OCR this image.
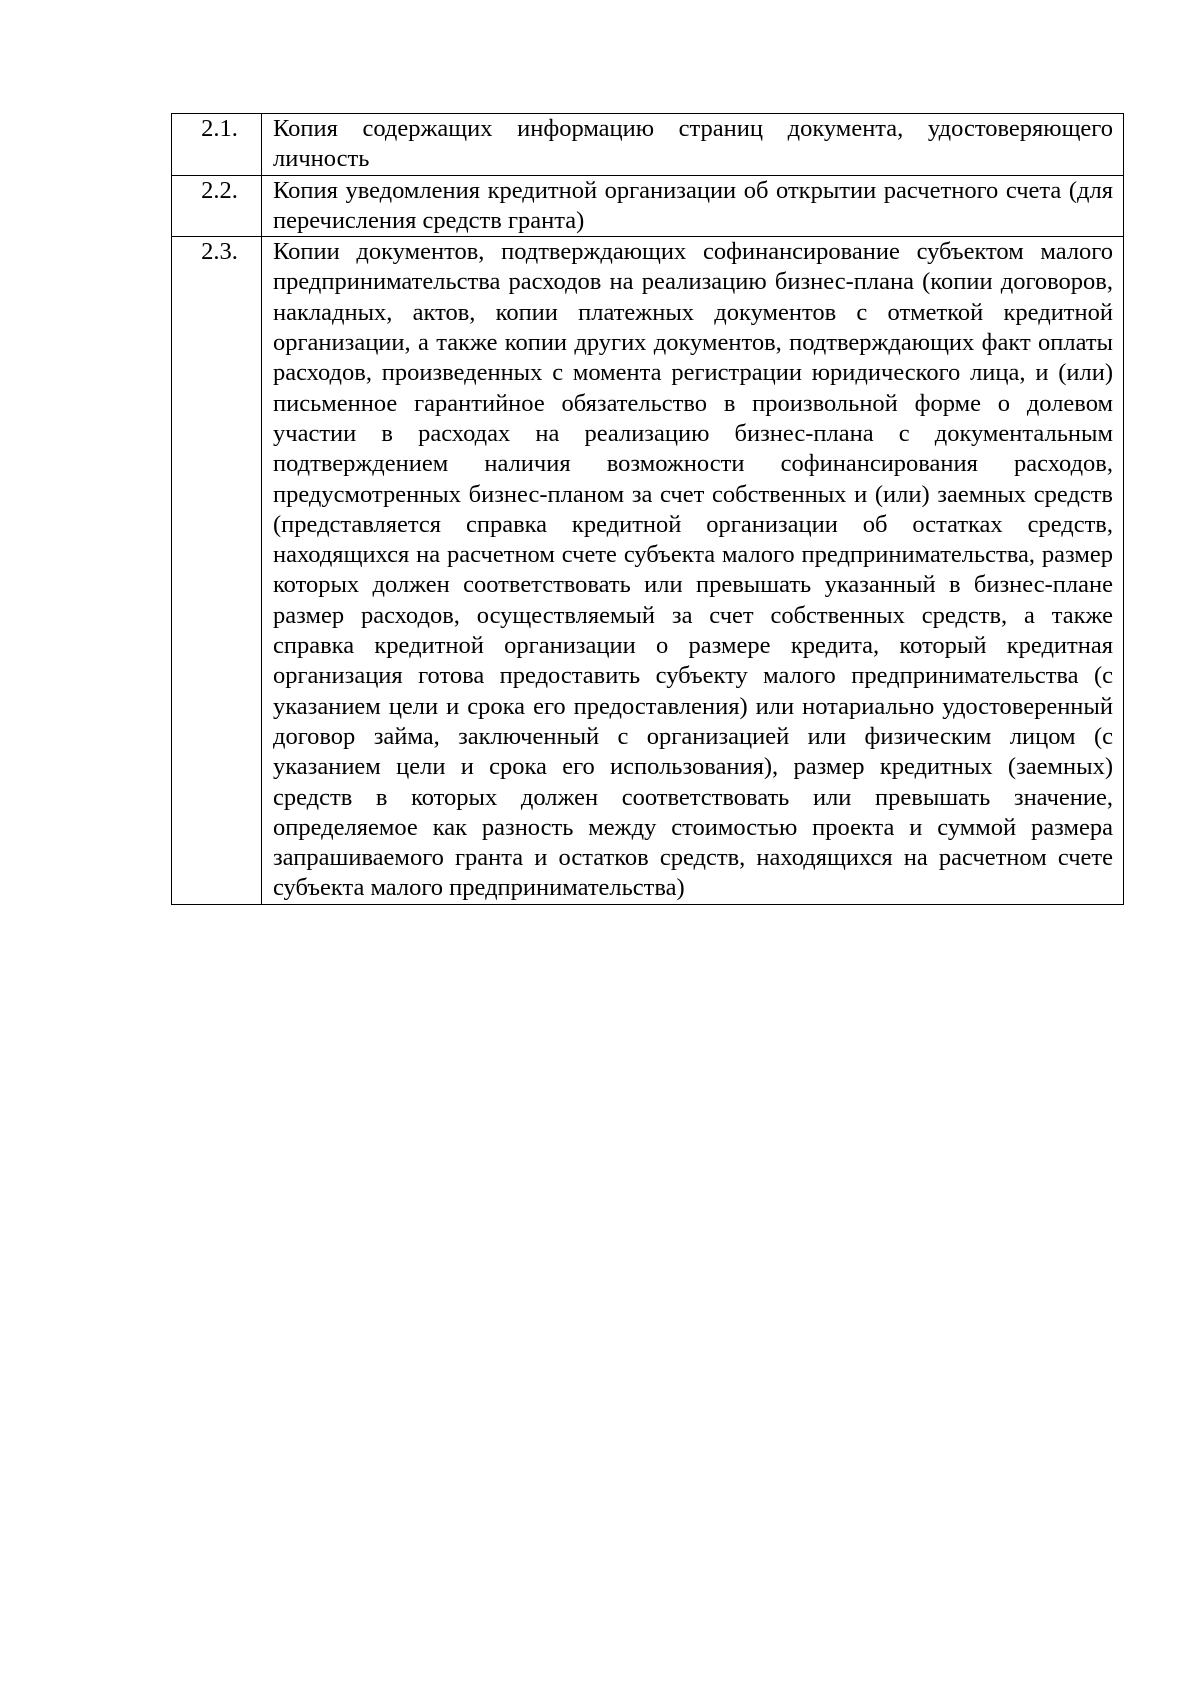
2.1.	Копия содержащих информацию страниц документа, удостоверяющего личность

2.2.	Копия уведомления кредитной организации об открытии расчетного счета (для перечисления средств гранта)

2.3.	Копии документов, подтверждающих софинансирование субъектом малого предпринимательства расходов на реализацию бизнес-плана (копии договоров, накладных, актов, копии платежных документов с отметкой кредитной организации, а также копии других документов, подтверждающих факт оплаты расходов, произведенных с момента регистрации юридического лица, и (или) письменное гарантийное обязательство в произвольной форме о долевом участии в расходах на реализацию бизнес-плана с документальным подтверждением наличия возможности софинансирования расходов, предусмотренных бизнес-планом за счет собственных и (или) заемных средств (представляется справка кредитной организации об остатках средств, находящихся на расчетном счете субъекта малого предпринимательства, размер которых должен соответствовать или превышать указанный в бизнес-плане размер расходов, осуществляемый за счет собственных средств, а также справка кредитной организации о размере кредита, который кредитная организация готова предоставить субъекту малого предпринимательства (с указанием цели и срока его предоставления) или нотариально удостоверенный договор займа, заключенный с организацией или физическим лицом (с указанием цели и срока его использования), размер кредитных (заемных) средств в которых должен соответствовать или превышать значение, определяемое как разность между стоимостью проекта и суммой размера запрашиваемого гранта и остатков средств, находящихся на расчетном счете субъекта малого предпринимательства)
